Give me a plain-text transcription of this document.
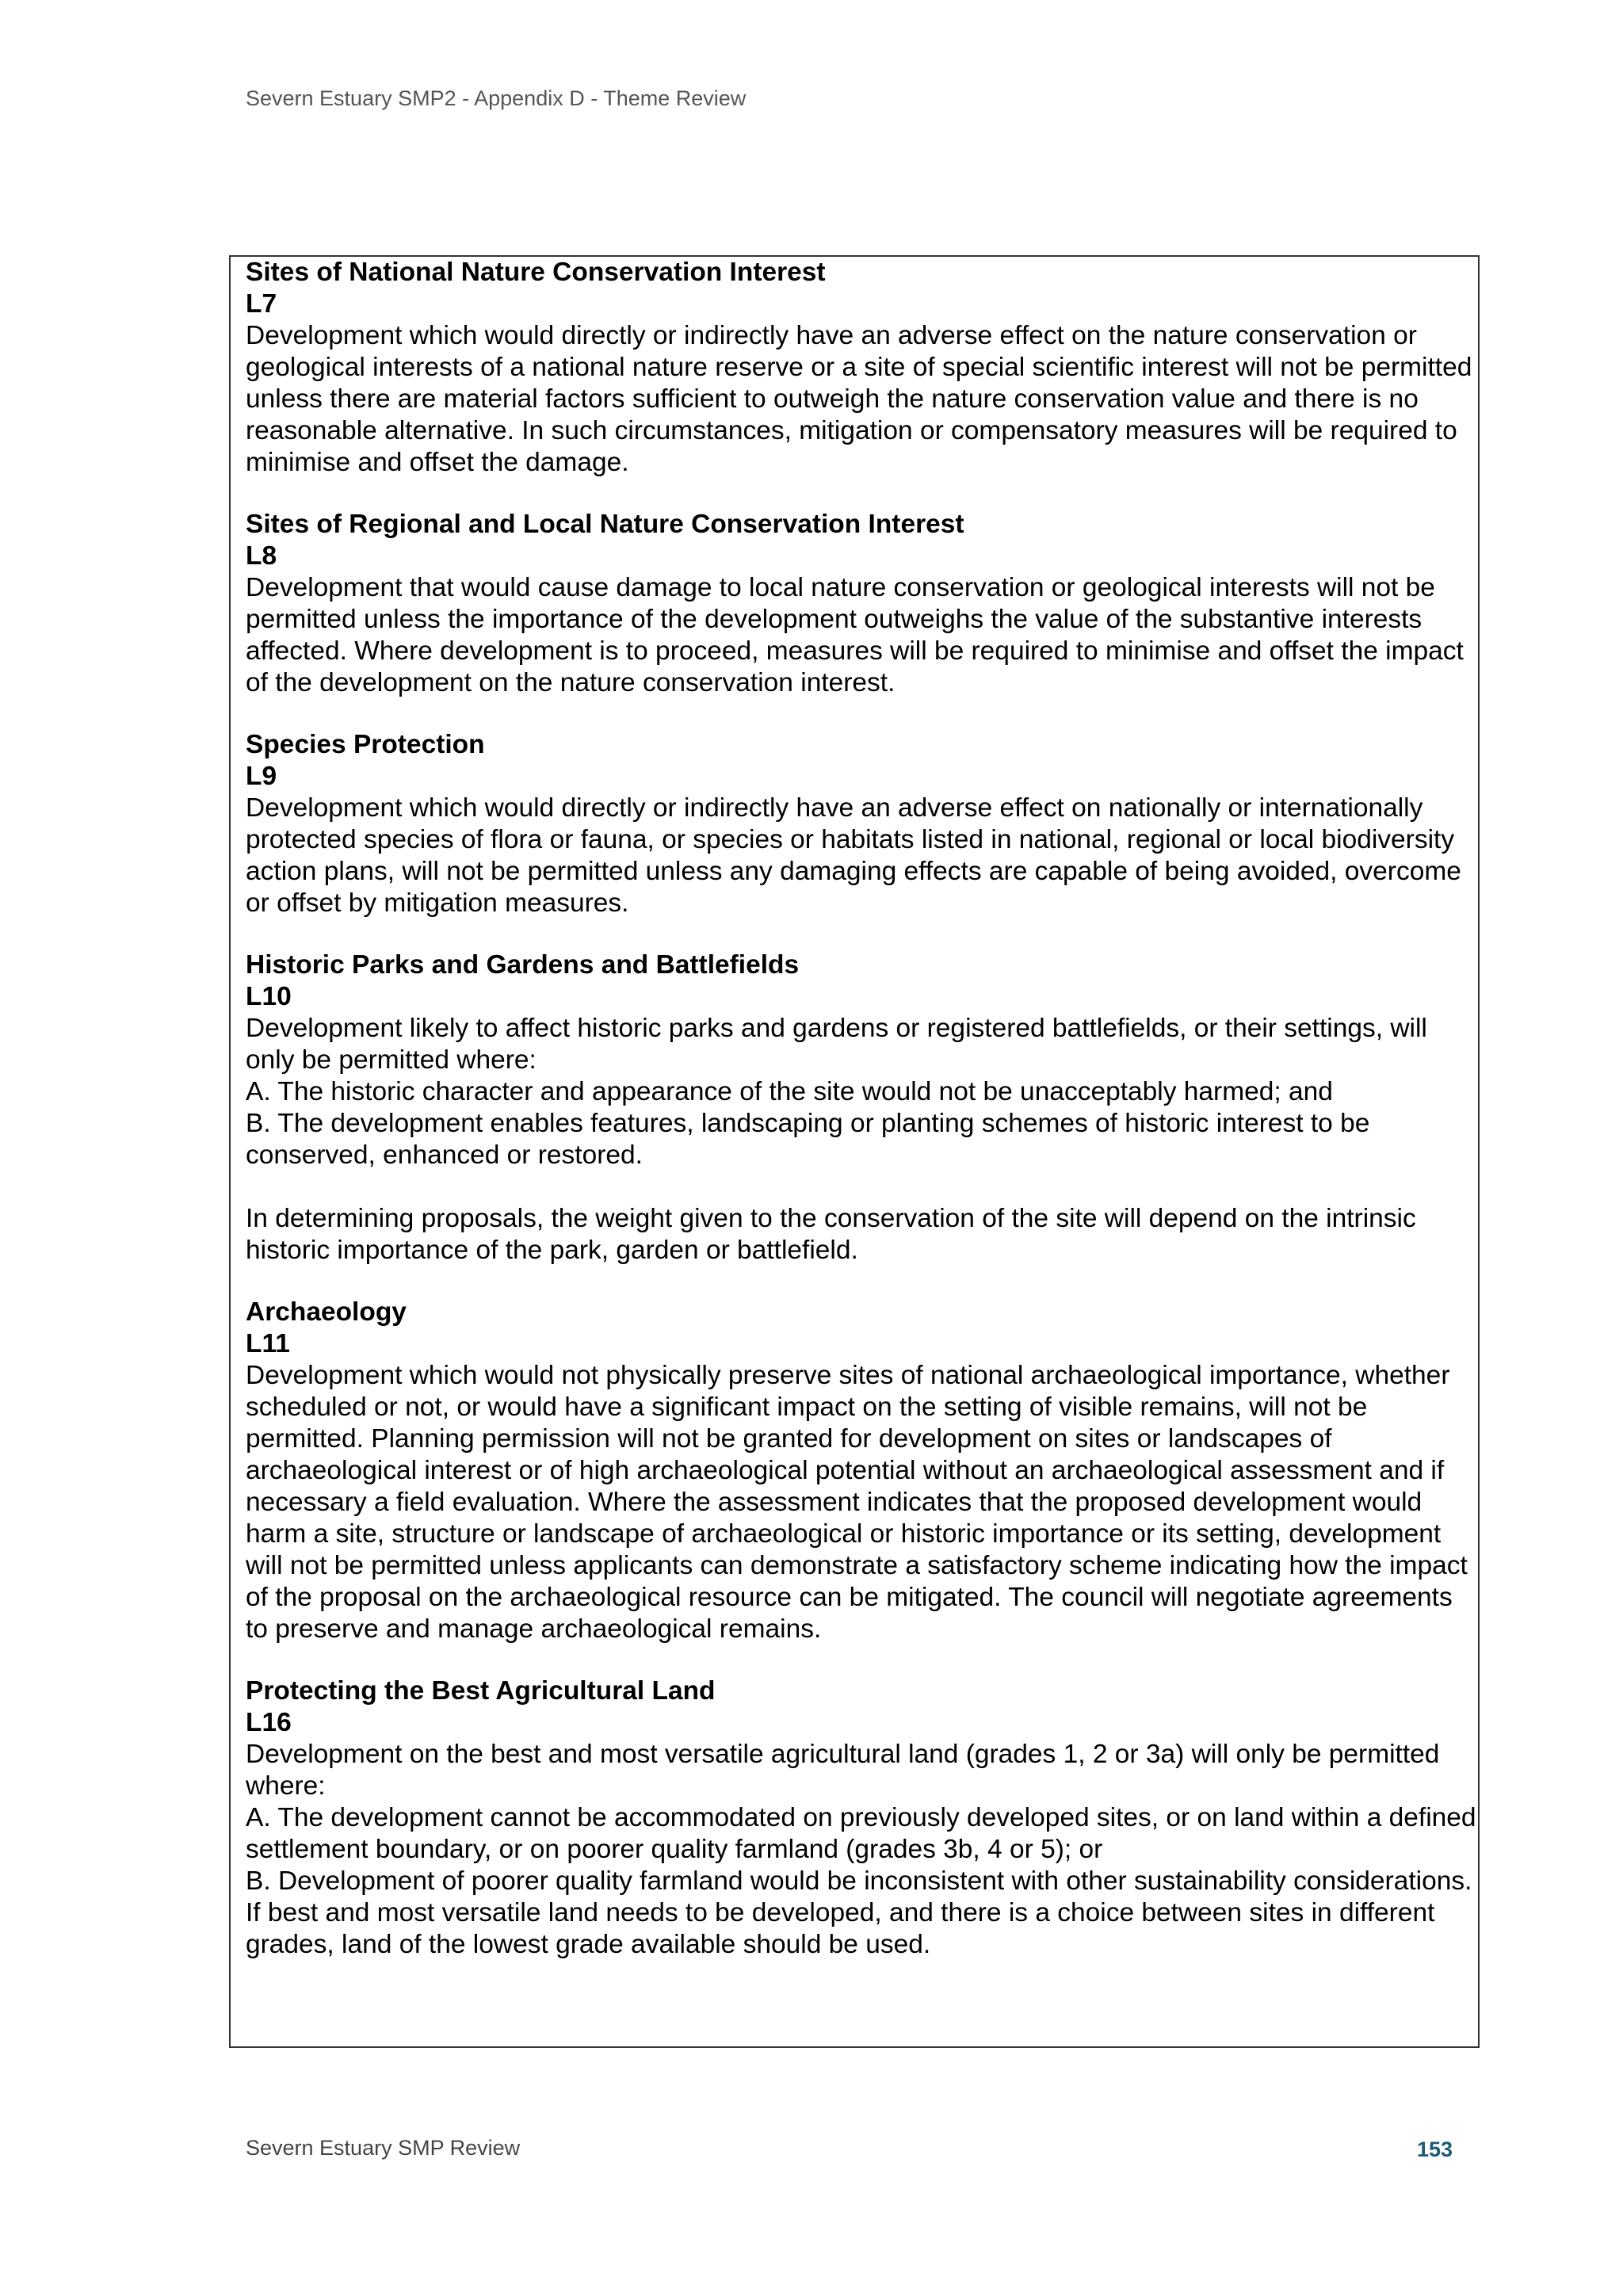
Severn Estuary SMP2 - Appendix D - Theme Review
Sites of National Nature Conservation Interest
L7
Development which would directly or indirectly have an adverse effect on the nature conservation or geological interests of a national nature reserve or a site of special scientific interest will not be permitted unless there are material factors sufficient to outweigh the nature conservation value and there is no reasonable alternative. In such circumstances, mitigation or compensatory measures will be required to minimise and offset the damage.
Sites of Regional and Local Nature Conservation Interest
L8
Development that would cause damage to local nature conservation or geological interests will not be permitted unless the importance of the development outweighs the value of the substantive interests affected. Where development is to proceed, measures will be required to minimise and offset the impact of the development on the nature conservation interest.
Species Protection
L9
Development which would directly or indirectly have an adverse effect on nationally or internationally protected species of flora or fauna, or species or habitats listed in national, regional or local biodiversity action plans, will not be permitted unless any damaging effects are capable of being avoided, overcome or offset by mitigation measures.
Historic Parks and Gardens and Battlefields
L10
Development likely to affect historic parks and gardens or registered battlefields, or their settings, will only be permitted where:
A. The historic character and appearance of the site would not be unacceptably harmed; and
B. The development enables features, landscaping or planting schemes of historic interest to be conserved, enhanced or restored.
In determining proposals, the weight given to the conservation of the site will depend on the intrinsic historic importance of the park, garden or battlefield.
Archaeology
L11
Development which would not physically preserve sites of national archaeological importance, whether scheduled or not, or would have a significant impact on the setting of visible remains, will not be permitted. Planning permission will not be granted for development on sites or landscapes of archaeological interest or of high archaeological potential without an archaeological assessment and if necessary a field evaluation. Where the assessment indicates that the proposed development would harm a site, structure or landscape of archaeological or historic importance or its setting, development will not be permitted unless applicants can demonstrate a satisfactory scheme indicating how the impact of the proposal on the archaeological resource can be mitigated. The council will negotiate agreements to preserve and manage archaeological remains.
Protecting the Best Agricultural Land
L16
Development on the best and most versatile agricultural land (grades 1, 2 or 3a) will only be permitted where:
A. The development cannot be accommodated on previously developed sites, or on land within a defined settlement boundary, or on poorer quality farmland (grades 3b, 4 or 5); or
B. Development of poorer quality farmland would be inconsistent with other sustainability considerations. If best and most versatile land needs to be developed, and there is a choice between sites in different grades, land of the lowest grade available should be used.
Severn Estuary SMP Review	153
